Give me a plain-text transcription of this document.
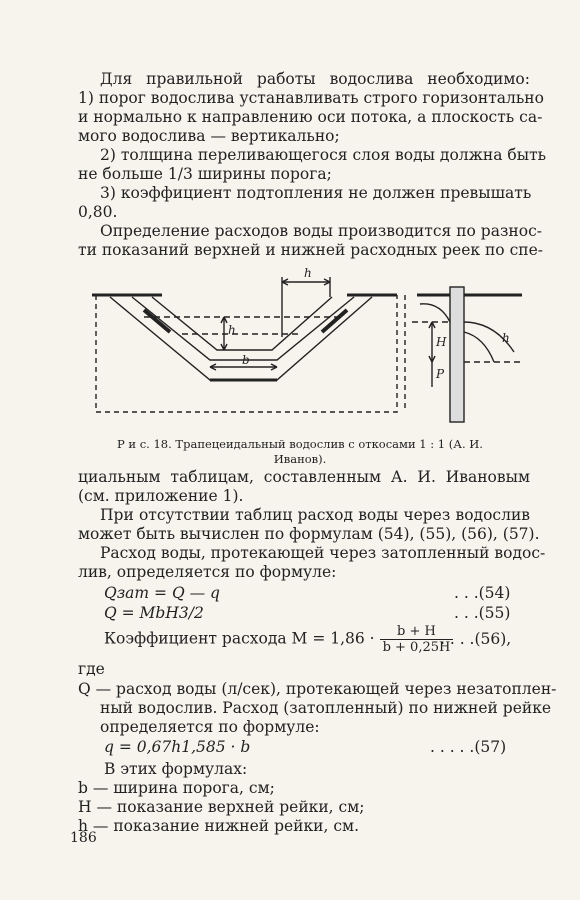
Для правильной работы водослива необходимо:
1) порог водослива устанавливать строго горизонтально
и нормально к направлению оси потока, а плоскость са-
мого водослива — вертикально;
2) толщина переливающегося слоя воды должна быть
не больше 1/3 ширины порога;
3) коэффициент подтопления не должен превышать
0,80.
Определение расходов воды производится по разнос-
ти показаний верхней и нижней расходных реек по спе-
h
h
b
H
P
h
Р и с. 18. Трапецеидальный водослив с откосами 1 : 1 (А. И. Иванов).
циальным таблицам, составленным А. И. Ивановым
(см. приложение 1).
При отсутствии таблиц расход воды через водослив
может быть вычислен по формулам (54), (55), (56), (57).
Расход воды, протекающей через затопленный водос-
лив, определяется по формуле:
Qзат = Q — q	. . .(54)
Q = MbH3/2	. . .(55)
Коэффициент расхода $M = 1,86 \cdot \frac{b + H}{b + 0,25H}$
. . . .(56),
где
Q — расход воды (л/сек), протекающей через незатоплен-
ный водослив. Расход (затопленный) по нижней рейке
определяется по формуле:
q = 0,67h1,585 · b	. . . . .(57)
В этих формулах:
b — ширина порога, см;
H — показание верхней рейки, см;
h — показание нижней рейки, см.
186
